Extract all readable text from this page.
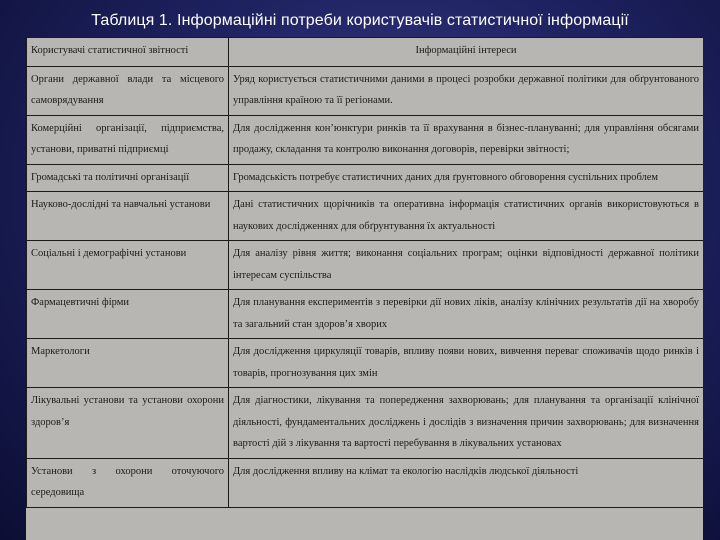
Таблиця 1. Інформаційні потреби користувачів статистичної інформації
Користувачі статистичної звітності	Інформаційні інтереси
Органи державної влади та місцевого самоврядування	Уряд користується статистичними даними в процесі розробки державної політики для обґрунтованого управління країною та її регіонами.
Комерційні організації, підприємства, установи, приватні підприємці	Для дослідження кон’юнктури ринків та її врахування в бізнес-плануванні; для управління обсягами продажу, складання та контролю виконання договорів, перевірки звітності;
Громадські та політичні організації	Громадськість потребує статистичних даних для ґрунтовного обговорення суспільних проблем
Науково-дослідні та навчальні установи	Дані статистичних щорічників та оперативна інформація статистичних органів використовуються в наукових дослідженнях для обґрунтування їх актуальності
Соціальні і демографічні установи	Для аналізу рівня життя; виконання соціальних програм; оцінки відповідності державної політики інтересам суспільства
Фармацевтичні фірми	Для планування експериментів з перевірки дії нових ліків, аналізу клінічних результатів дії на хворобу та загальний стан здоров’я хворих
Маркетологи	Для дослідження циркуляції товарів, впливу появи нових, вивчення переваг споживачів щодо ринків і товарів, прогнозування цих змін
Лікувальні установи та установи охорони здоров’я	Для діагностики, лікування та попередження захворювань; для планування та організації клінічної діяльності, фундаментальних досліджень і дослідів з визначення причин захворювань; для визначення вартості дій з лікування та вартості перебування в лікувальних установах
Установи з охорони оточуючого середовища	Для дослідження впливу на клімат та екологію наслідків людської діяльності
